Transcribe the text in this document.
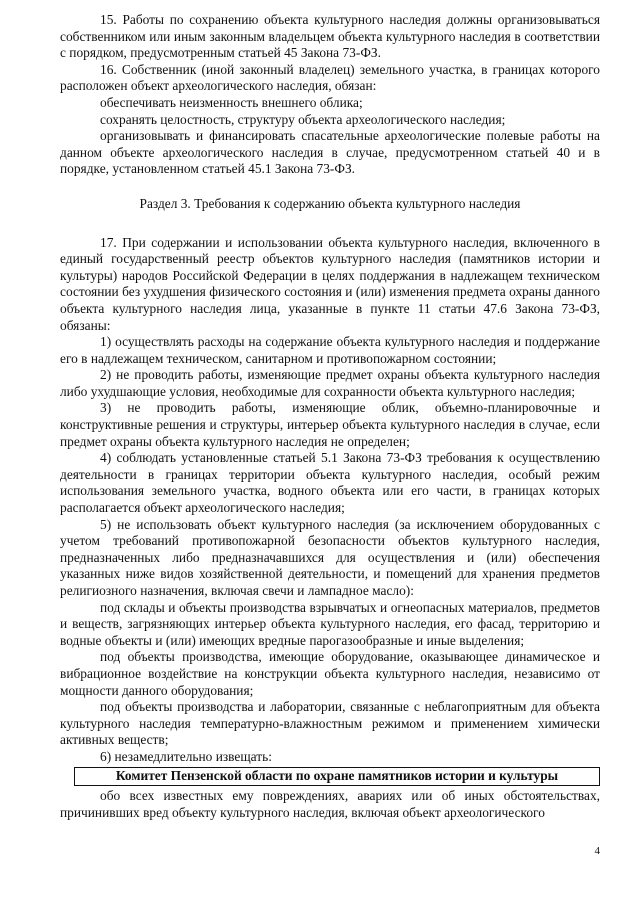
15. Работы по сохранению объекта культурного наследия должны организовываться собственником или иным законным владельцем объекта культурного наследия в соответствии с порядком, предусмотренным статьей 45 Закона 73-ФЗ.

16. Собственник (иной законный владелец) земельного участка, в границах которого расположен объект археологического наследия, обязан:

обеспечивать неизменность внешнего облика;

сохранять целостность, структуру объекта археологического наследия;

организовывать и финансировать спасательные археологические полевые работы на данном объекте археологического наследия в случае, предусмотренном статьей 40 и в порядке, установленном статьей 45.1 Закона 73-ФЗ.

Раздел 3. Требования к содержанию объекта культурного наследия

17. При содержании и использовании объекта культурного наследия, включенного в единый государственный реестр объектов культурного наследия (памятников истории и культуры) народов Российской Федерации в целях поддержания в надлежащем техническом состоянии без ухудшения физического состояния и (или) изменения предмета охраны данного объекта культурного наследия лица, указанные в пункте 11 статьи 47.6 Закона 73-ФЗ, обязаны:

1) осуществлять расходы на содержание объекта культурного наследия и поддержание его в надлежащем техническом, санитарном и противопожарном состоянии;

2) не проводить работы, изменяющие предмет охраны объекта культурного наследия либо ухудшающие условия, необходимые для сохранности объекта культурного наследия;

3) не проводить работы, изменяющие облик, объемно-планировочные и конструктивные решения и структуры, интерьер объекта культурного наследия в случае, если предмет охраны объекта культурного наследия не определен;

4) соблюдать установленные статьей 5.1 Закона 73-ФЗ требования к осуществлению деятельности в границах территории объекта культурного наследия, особый режим использования земельного участка, водного объекта или его части, в границах которых располагается объект археологического наследия;

5) не использовать объект культурного наследия (за исключением оборудованных с учетом требований противопожарной безопасности объектов культурного наследия, предназначенных либо предназначавшихся для осуществления и (или) обеспечения указанных ниже видов хозяйственной деятельности, и помещений для хранения предметов религиозного назначения, включая свечи и лампадное масло):

под склады и объекты производства взрывчатых и огнеопасных материалов, предметов и веществ, загрязняющих интерьер объекта культурного наследия, его фасад, территорию и водные объекты и (или) имеющих вредные парогазообразные и иные выделения;

под объекты производства, имеющие оборудование, оказывающее динамическое и вибрационное воздействие на конструкции объекта культурного наследия, независимо от мощности данного оборудования;

под объекты производства и лаборатории, связанные с неблагоприятным для объекта культурного наследия температурно-влажностным режимом и применением химически активных веществ;

6) незамедлительно извещать:

Комитет Пензенской области по охране памятников истории и культуры

обо всех известных ему повреждениях, авариях или об иных обстоятельствах, причинивших вред объекту культурного наследия, включая объект археологического

4
